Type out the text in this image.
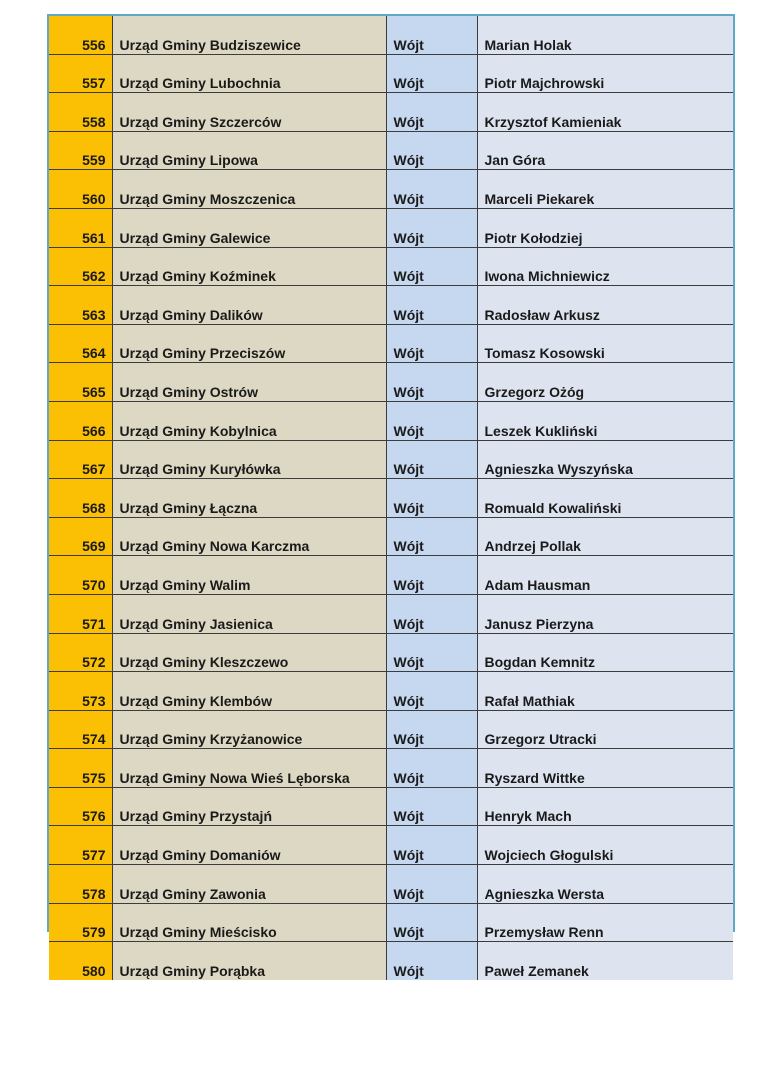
556	Urząd Gminy Budziszewice	Wójt	Marian Holak
557	Urząd Gminy Lubochnia	Wójt	Piotr Majchrowski
558	Urząd Gminy Szczerców	Wójt	Krzysztof Kamieniak
559	Urząd Gminy Lipowa	Wójt	Jan Góra
560	Urząd Gminy Moszczenica	Wójt	Marceli Piekarek
561	Urząd Gminy Galewice	Wójt	Piotr Kołodziej
562	Urząd Gminy Koźminek	Wójt	Iwona Michniewicz
563	Urząd Gminy Dalików	Wójt	Radosław Arkusz
564	Urząd Gminy Przeciszów	Wójt	Tomasz Kosowski
565	Urząd Gminy Ostrów	Wójt	Grzegorz Ożóg
566	Urząd Gminy Kobylnica	Wójt	Leszek Kukliński
567	Urząd Gminy Kuryłówka	Wójt	Agnieszka Wyszyńska
568	Urząd Gminy Łączna	Wójt	Romuald Kowaliński
569	Urząd Gminy Nowa Karczma	Wójt	Andrzej Pollak
570	Urząd Gminy Walim	Wójt	Adam Hausman
571	Urząd Gminy Jasienica	Wójt	Janusz Pierzyna
572	Urząd Gminy Kleszczewo	Wójt	Bogdan Kemnitz
573	Urząd Gminy Klembów	Wójt	Rafał Mathiak
574	Urząd Gminy Krzyżanowice	Wójt	Grzegorz Utracki
575	Urząd Gminy Nowa Wieś Lęborska	Wójt	Ryszard Wittke
576	Urząd Gminy Przystajń	Wójt	Henryk Mach
577	Urząd Gminy Domaniów	Wójt	Wojciech Głogulski
578	Urząd Gminy Zawonia	Wójt	Agnieszka Wersta
579	Urząd Gminy Mieścisko	Wójt	Przemysław Renn
580	Urząd Gminy Porąbka	Wójt	Paweł Zemanek
